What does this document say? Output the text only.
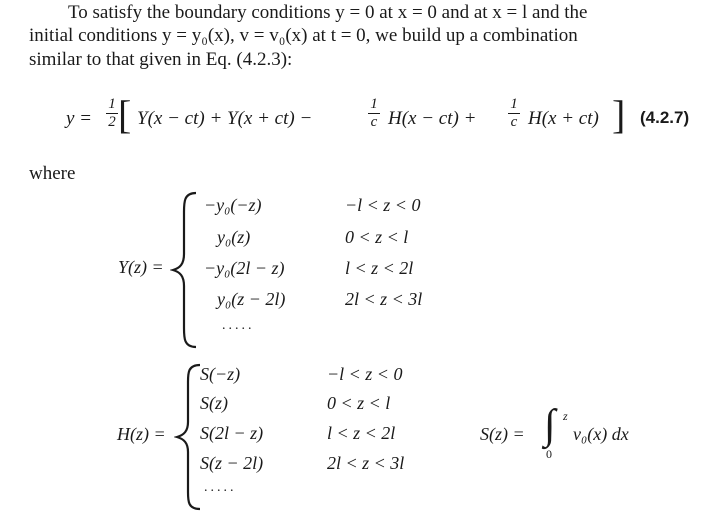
To satisfy the boundary conditions y = 0 at x = 0 and at x = l and the
initial conditions y = y₀(x), v = v₀(x) at t = 0, we build up a combination
similar to that given in Eq. (4.2.3):
y =
1
2 [ Y(x − ct) + Y(x + ct) −
1
c H(x − ct) +
1
c H(x + ct) ] (4.2.7)
where
Y(z) =
−y₀(−z)	−l < z < 0
y₀(z)	0 < z < l
−y₀(2l − z)	l < z < 2l
y₀(z − 2l)	2l < z < 3l
.....
H(z) =
S(−z)	−l < z < 0
S(z)	0 < z < l
S(2l − z)	l < z < 2l
S(z − 2l)	2l < z < 3l
.....
S(z) = ∫ z
0
v₀(x) dx
